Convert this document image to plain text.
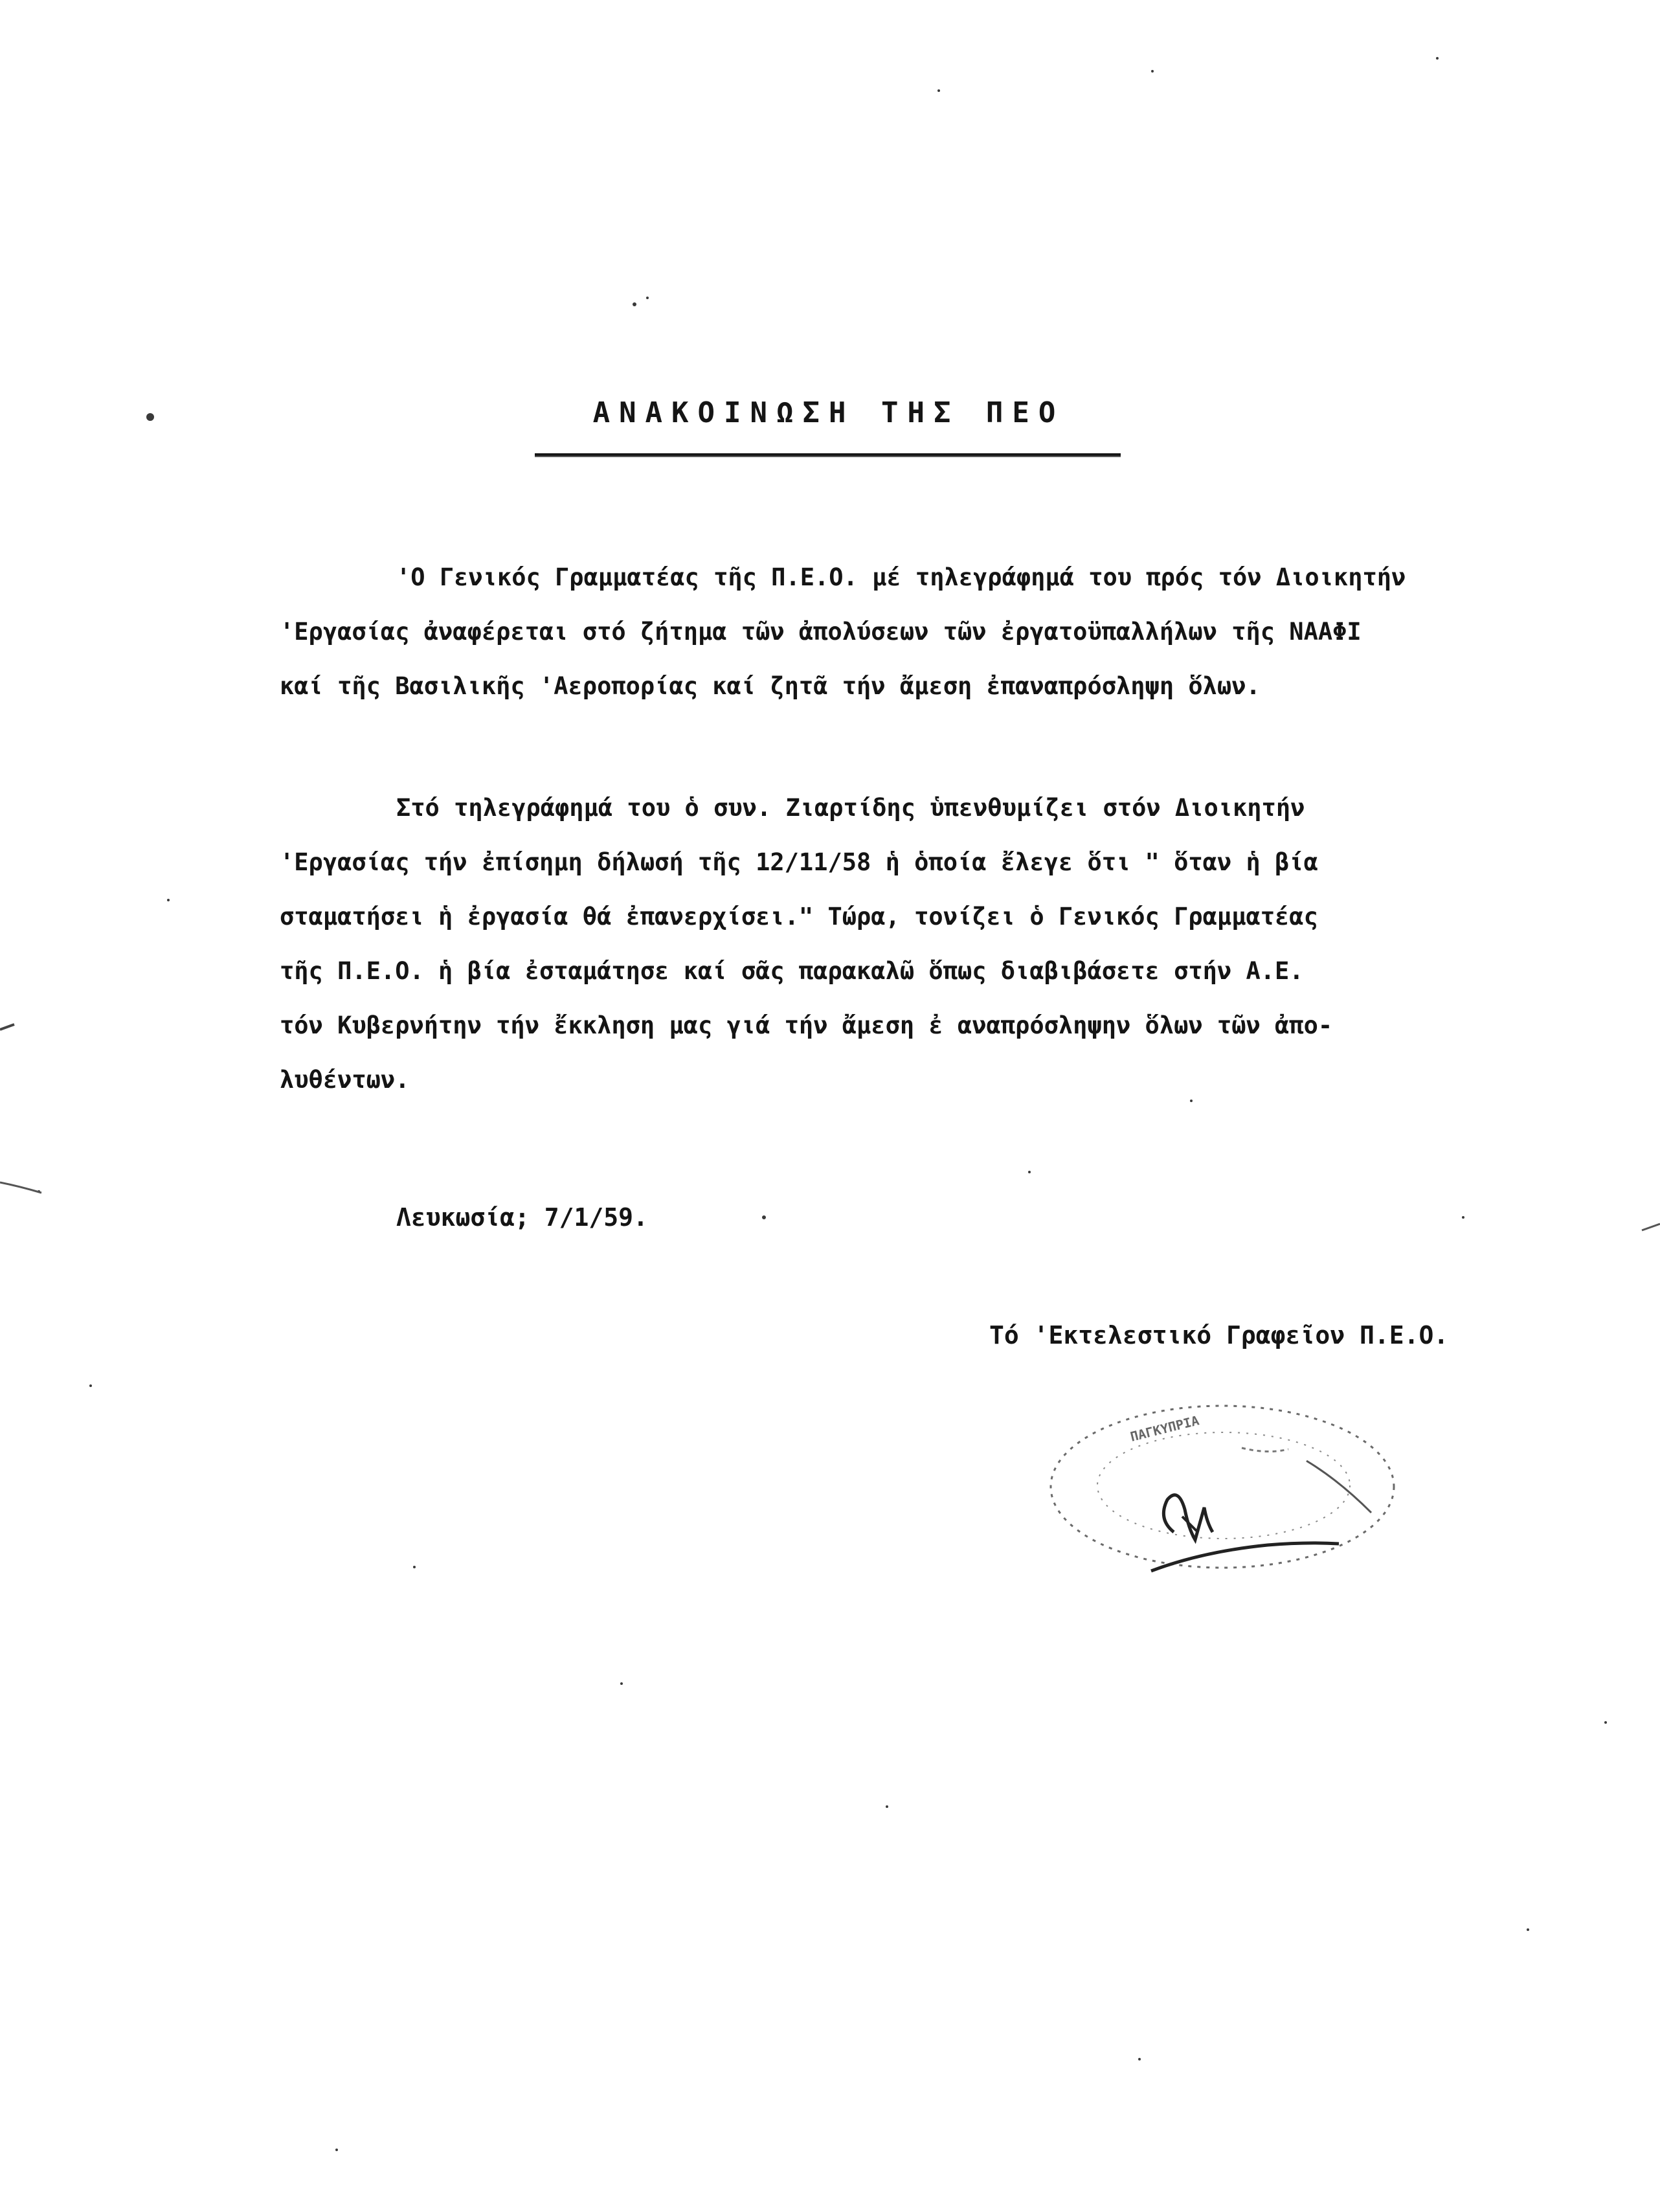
ΑΝΑΚΟΙΝΩΣΗ ΤΗΣ ΠΕΟ
'Ο Γενικός Γραμματέας τῆς Π.Ε.Ο. μέ τηλεγράφημά του πρός τόν Διοικητήν
'Εργασίας ἀναφέρεται στό ζήτημα τῶν ἀπολύσεων τῶν ἐργατοϋπαλλήλων τῆς ΝΑΑΦΙ
καί τῆς Βασιλικῆς 'Αεροπορίας καί ζητᾶ τήν ἄμεση ἐπαναπρόσληψη ὅλων.
Στό τηλεγράφημά του ὁ συν. Ζιαρτίδης ὑπενθυμίζει στόν Διοικητήν
'Εργασίας τήν ἐπίσημη δήλωσή τῆς 12/11/58 ἡ ὁποία ἔλεγε ὅτι " ὅταν ἡ βία
σταματήσει ἡ ἐργασία θά ἐπανερχίσει." Τώρα, τονίζει ὁ Γενικός Γραμματέας
τῆς Π.Ε.Ο. ἡ βία ἐσταμάτησε καί σᾶς παρακαλῶ ὅπως διαβιβάσετε στήν Α.Ε.
τόν Κυβερνήτην τήν ἔκκληση μας γιά τήν ἄμεση ἐ αναπρόσληψην ὅλων τῶν ἀπο-
λυθέντων.
Λευκωσία; 7/1/59.
Τό 'Εκτελεστικό Γραφεῖον Π.Ε.Ο.
ΠΑΓΚΥΠΡΙΑ
